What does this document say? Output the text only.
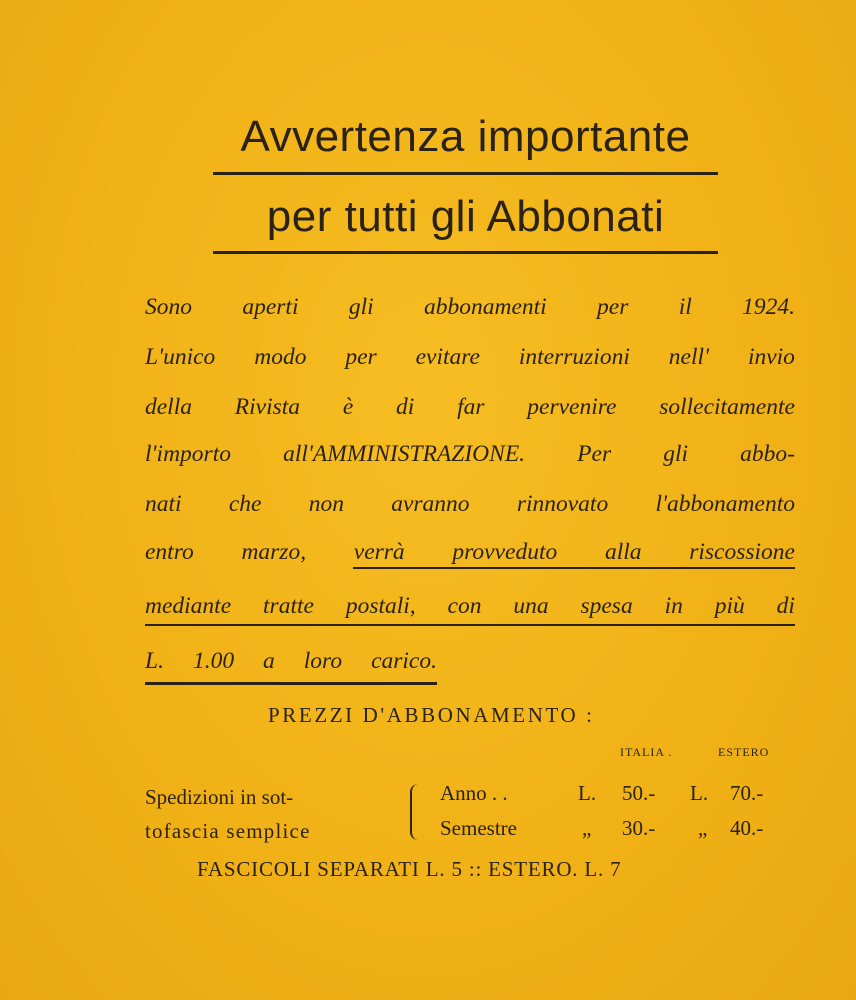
Avvertenza importante
per tutti gli Abbonati
Sono aperti gli abbonamenti per il 1924.
L'unico modo per evitare interruzioni nell' invio
della Rivista è di far pervenire sollecitamente
l'importo all'AMMINISTRAZIONE. Per gli abbo-
nati che non avranno rinnovato l'abbonamento
entro marzo, verrà provveduto alla riscossione
mediante tratte postali, con una spesa in più di
L. 1.00 a loro carico.
PREZZI D'ABBONAMENTO :
ITALIA .	ESTERO
Spedizioni in sot-
tofascia semplice
Anno . .	L. 50.- L. 70.-
Semestre	„ 30.- „ 40.-
FASCICOLI SEPARATI L. 5 :: ESTERO. L. 7
